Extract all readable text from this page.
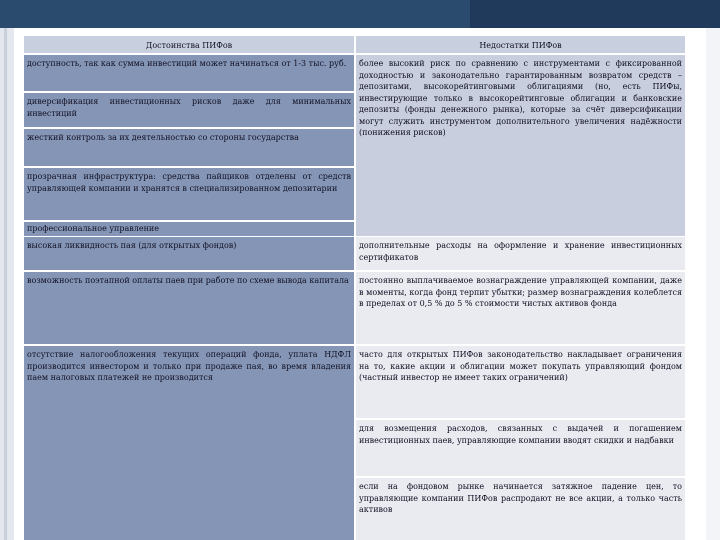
Достоинства ПИФов	Недостатки ПИФов
доступность, так как сумма инвестиций может начинаться от 1-3 тыс. руб.
диверсификация инвестиционных рисков даже для минимальных инвестиций
жесткий контроль за их деятельностью со стороны государства
прозрачная инфраструктура: средства пайщиков отделены от средств управляющей компании и хранятся в специализированном депозитарии
профессиональное управление
высокая ликвидность пая (для открытых фондов)
возможность поэтапной оплаты паев при работе по схеме вывода капитала
отсутствие налогообложения текущих операций фонда, уплата НДФЛ производится инвестором и только при продаже пая, во время владения паем налоговых платежей не производится
более высокий риск по сравнению с инструментами с фиксированной доходностью и законодательно гарантированным возвратом средств – депозитами, высокорейтинговыми облигациями (но, есть ПИФы, инвестирующие только в высокорейтинговые облигации и банковские депозиты (фонды денежного рынка), которые за счёт диверсификации могут служить инструментом дополнительного увеличения надёжности (понижения рисков)
дополнительные расходы на оформление и хранение инвестиционных сертификатов
постоянно выплачиваемое вознаграждение управляющей компании, даже в моменты, когда фонд терпит убытки; размер вознаграждения колеблется в пределах от 0,5 % до 5 % стоимости чистых активов фонда
часто для открытых ПИФов законодательство накладывает ограничения на то, какие акции и облигации может покупать управляющий фондом (частный инвестор не имеет таких ограничений)
для возмещения расходов, связанных с выдачей и погашением инвестиционных паев, управляющие компании вводят скидки и надбавки
если на фондовом рынке начинается затяжное падение цен, то управляющие компании ПИФов распродают не все акции, а только часть активов
